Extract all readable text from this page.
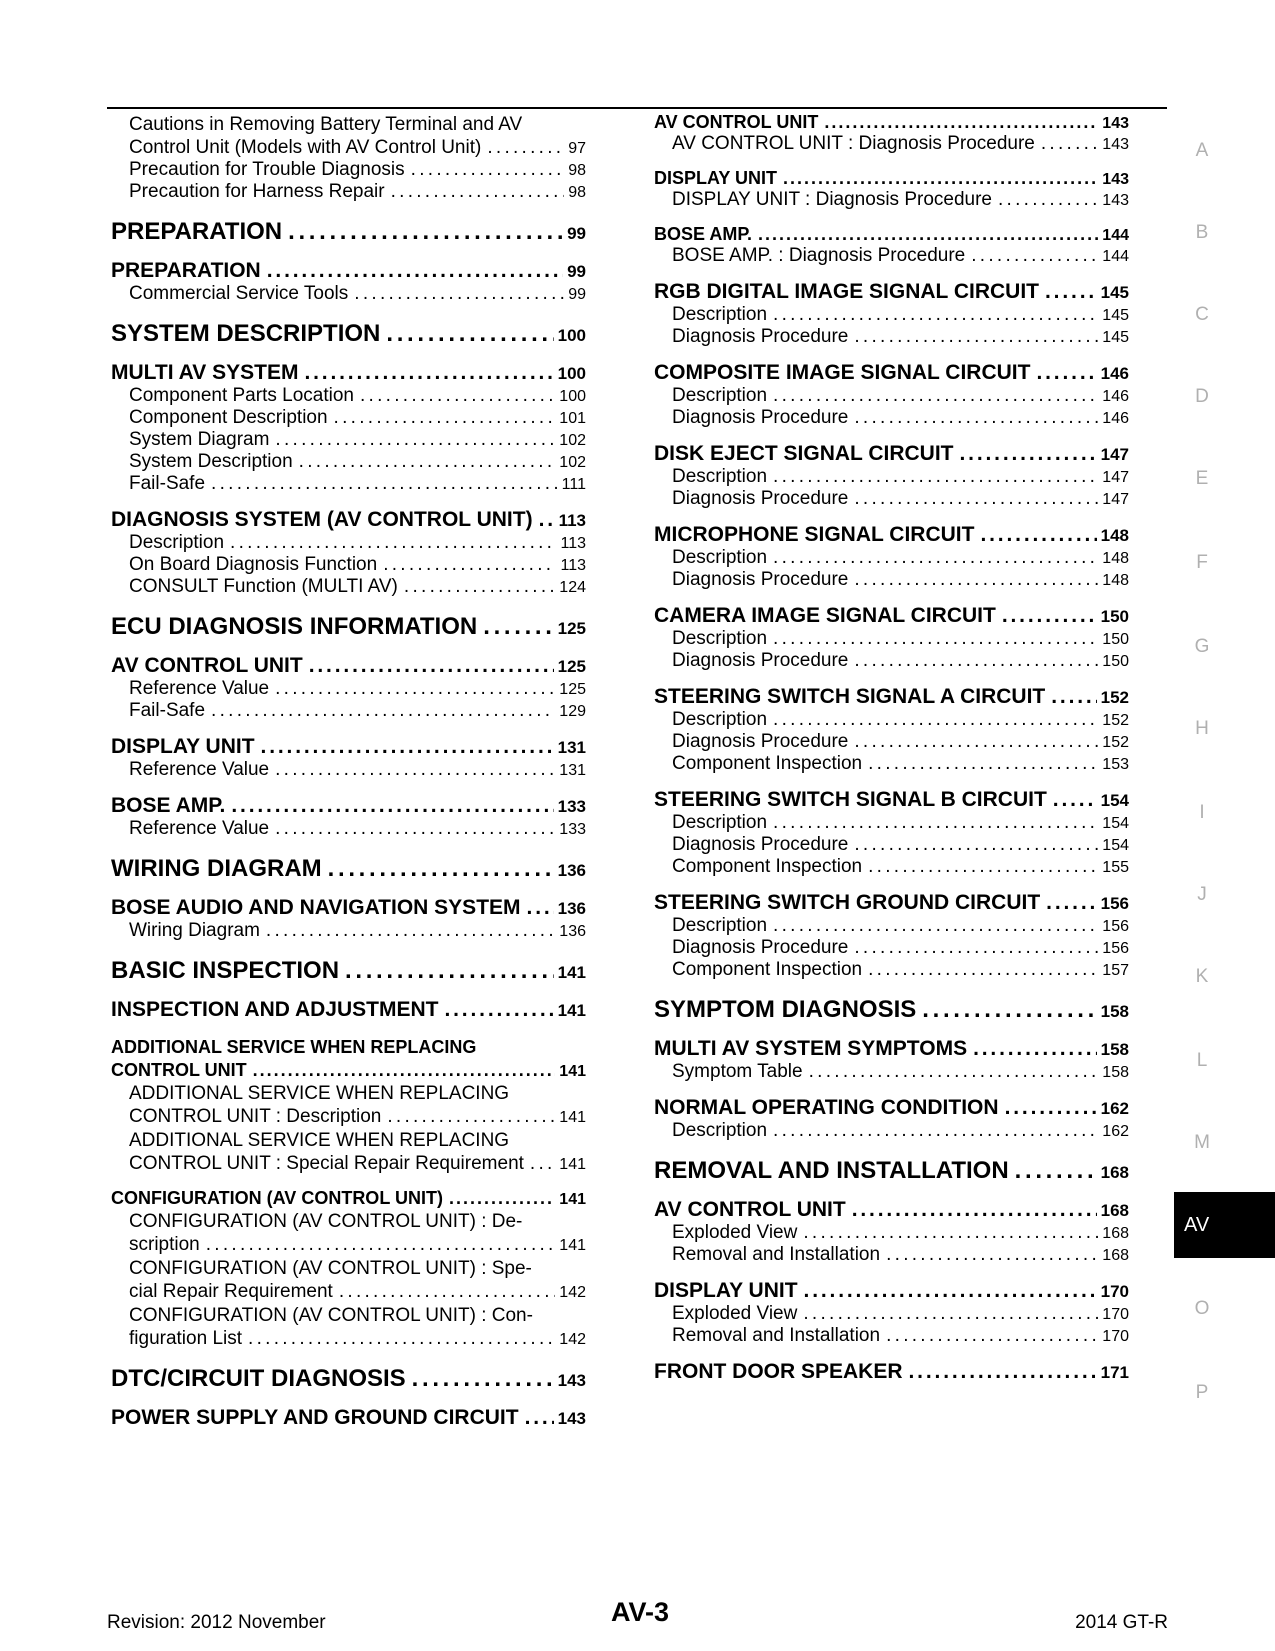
Cautions in Removing Battery Terminal and AV
Control Unit (Models with AV Control Unit) . . .	97
Precaution for Trouble Diagnosis . . .	98
Precaution for Harness Repair . . .	98
PREPARATION . . .	99
PREPARATION . . .	99
Commercial Service Tools . . .	99
SYSTEM DESCRIPTION . . .	100
MULTI AV SYSTEM . . .	100
Component Parts Location . . .	100
Component Description . . .	101
System Diagram . . .	102
System Description . . .	102
Fail-Safe . . .	111
DIAGNOSIS SYSTEM (AV CONTROL UNIT) . . . 113
Description . . .	113
On Board Diagnosis Function . . .	113
CONSULT Function (MULTI AV) . . .	124
ECU DIAGNOSIS INFORMATION . . .	125
AV CONTROL UNIT . . .	125
Reference Value . . .	125
Fail-Safe . . .	129
DISPLAY UNIT . . .	131
Reference Value . . .	131
BOSE AMP. . . .	133
Reference Value . . .	133
WIRING DIAGRAM . . .	136
BOSE AUDIO AND NAVIGATION SYSTEM . . . 136
Wiring Diagram . . .	136
BASIC INSPECTION . . .	141
INSPECTION AND ADJUSTMENT . . .	141
ADDITIONAL SERVICE WHEN REPLACING
CONTROL UNIT . . .	141
ADDITIONAL SERVICE WHEN REPLACING
CONTROL UNIT : Description . . .	141
ADDITIONAL SERVICE WHEN REPLACING
CONTROL UNIT : Special Repair Requirement . . . 141
CONFIGURATION (AV CONTROL UNIT) . . .	141
CONFIGURATION (AV CONTROL UNIT) : De-
scription . . .	141
CONFIGURATION (AV CONTROL UNIT) : Spe-
cial Repair Requirement . . .	142
CONFIGURATION (AV CONTROL UNIT) : Con-
figuration List . . .	142
DTC/CIRCUIT DIAGNOSIS . . .	143
POWER SUPPLY AND GROUND CIRCUIT . . . 143
AV CONTROL UNIT . . .	143
AV CONTROL UNIT : Diagnosis Procedure . . .	143
DISPLAY UNIT . . .	143
DISPLAY UNIT : Diagnosis Procedure . . .	143
BOSE AMP. . . .	144
BOSE AMP. : Diagnosis Procedure . . .	144
RGB DIGITAL IMAGE SIGNAL CIRCUIT . . .	145
Description . . .	145
Diagnosis Procedure . . .	145
COMPOSITE IMAGE SIGNAL CIRCUIT . . .	146
Description . . .	146
Diagnosis Procedure . . .	146
DISK EJECT SIGNAL CIRCUIT . . .	147
Description . . .	147
Diagnosis Procedure . . .	147
MICROPHONE SIGNAL CIRCUIT . . .	148
Description . . .	148
Diagnosis Procedure . . .	148
CAMERA IMAGE SIGNAL CIRCUIT . . .	150
Description . . .	150
Diagnosis Procedure . . .	150
STEERING SWITCH SIGNAL A CIRCUIT . . .	152
Description . . .	152
Diagnosis Procedure . . .	152
Component Inspection . . .	153
STEERING SWITCH SIGNAL B CIRCUIT . . .	154
Description . . .	154
Diagnosis Procedure . . .	154
Component Inspection . . .	155
STEERING SWITCH GROUND CIRCUIT . . .	156
Description . . .	156
Diagnosis Procedure . . .	156
Component Inspection . . .	157
SYMPTOM DIAGNOSIS . . .	158
MULTI AV SYSTEM SYMPTOMS . . .	158
Symptom Table . . .	158
NORMAL OPERATING CONDITION . . .	162
Description . . .	162
REMOVAL AND INSTALLATION . . .	168
AV CONTROL UNIT . . .	168
Exploded View . . .	168
Removal and Installation . . .	168
DISPLAY UNIT . . .	170
Exploded View . . .	170
Removal and Installation . . .	170
FRONT DOOR SPEAKER . . .	171
A
B
C
D
E
F
G
H
I
J
K
L
M
O
P
AV
Revision: 2012 November	AV-3	2014 GT-R
